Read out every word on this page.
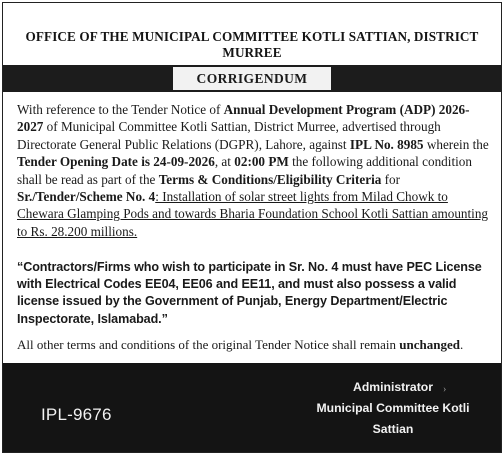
OFFICE OF THE MUNICIPAL COMMITTEE KOTLI SATTIAN, DISTRICT MURREE
CORRIGENDUM

With reference to the Tender Notice of Annual Development Program (ADP) 2026-2027 of Municipal Committee Kotli Sattian, District Murree, advertised through Directorate General Public Relations (DGPR), Lahore, against IPL No. 8985 wherein the Tender Opening Date is 24-09-2026, at 02:00 PM the following additional condition shall be read as part of the Terms & Conditions/Eligibility Criteria for Sr./Tender/Scheme No. 4: Installation of solar street lights from Milad Chowk to Chewara Glamping Pods and towards Bharia Foundation School Kotli Sattian amounting to Rs. 28.200 millions.

“Contractors/Firms who wish to participate in Sr. No. 4 must have PEC License with Electrical Codes EE04, EE06 and EE11, and must also possess a valid license issued by the Government of Punjab, Energy Department/Electric Inspectorate, Islamabad.”

All other terms and conditions of the original Tender Notice shall remain unchanged.

IPL-9676
Administrator
Municipal Committee Kotli
Sattian
›
